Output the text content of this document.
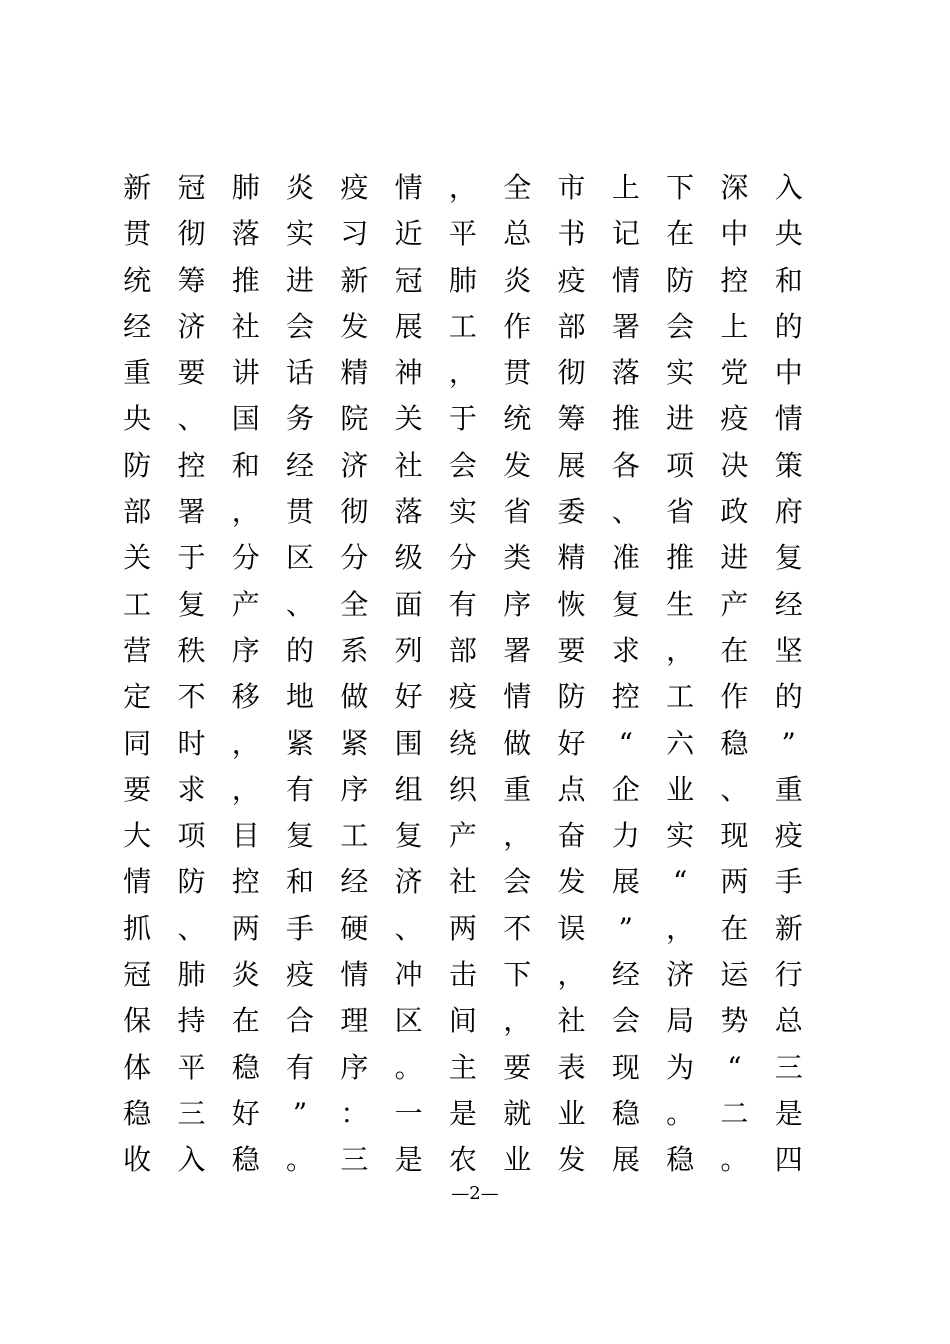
新 冠 肺 炎 疫 情 ， 全 市 上 下 深 入
贯 彻 落 实 习 近 平 总 书 记 在 中 央
统 筹 推 进 新 冠 肺 炎 疫 情 防 控 和
经 济 社 会 发 展 工 作 部 署 会 上 的
重 要 讲 话 精 神 ， 贯 彻 落 实 党 中
央 、 国 务 院 关 于 统 筹 推 进 疫 情
防 控 和 经 济 社 会 发 展 各 项 决 策
部 署 ， 贯 彻 落 实 省 委 、 省 政 府
关 于 分 区 分 级 分 类 精 准 推 进 复
工 复 产 、 全 面 有 序 恢 复 生 产 经
营 秩 序 的 系 列 部 署 要 求 ， 在 坚
定 不 移 地 做 好 疫 情 防 控 工 作 的
同 时 ， 紧 紧 围 绕 做 好	“	六 稳	”
要 求 ， 有 序 组 织 重 点 企 业 、 重
大 项 目 复 工 复 产 ， 奋 力 实 现 疫
情 防 控 和 经 济 社 会 发 展	“	两 手
抓 、 两 手 硬 、 两 不 误	”	， 在 新
冠 肺 炎 疫 情 冲 击 下 ， 经 济 运 行
保 持 在 合 理 区 间 ， 社 会 局 势 总
体 平 稳 有 序 。 主 要 表 现 为	“	三
稳 三 好	”	： 一 是 就 业 稳 。 二 是
收 入 稳 。 三 是 农 业 发 展 稳 。 四
—2—
